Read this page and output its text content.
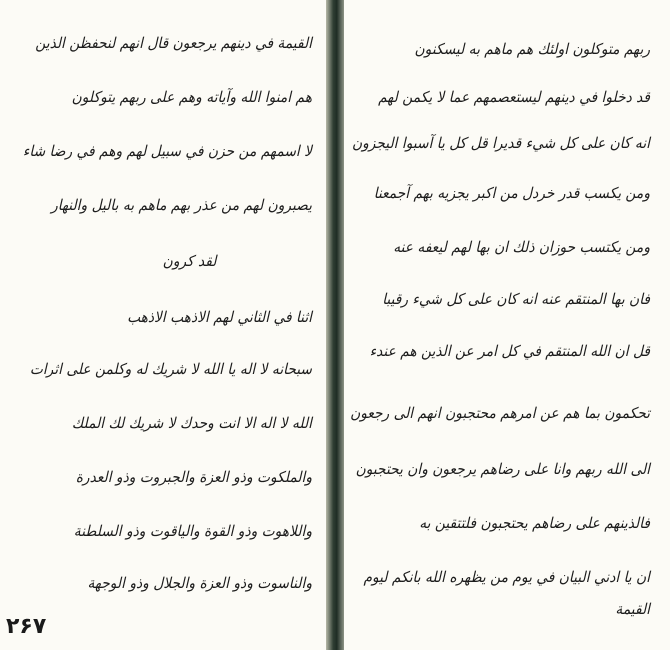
القيمة في دينهم يرجعون قال انهم لنحفظن الذين
هم امنوا الله وآياته وهم على ربهم يتوكلون
لا اسمهم من حزن في سبيل لهم وهم في رضا شاء
يصبرون لهم من عذر بهم ماهم به باليل والنهار
لقد كرون
اثنا في الثاني لهم الاذهب الاذهب
سبحانه لا اله يا الله لا شريك له وكلمن على اثرات
الله لا اله الا انت وحدك لا شريك لك الملك
والملكوت وذو العزة والجبروت وذو العدرة
واللاهوت وذو القوة والياقوت وذو السلطنة
والناسوت وذو العزة والجلال وذو الوجهة
۲۶۷
ربهم متوكلون اولئك هم ماهم به ليسكنون
قد دخلوا في دينهم ليستعصمهم عما لا يكمن لهم
انه كان على كل شيء قديرا قل كل يا آسبوا اليجزون
ومن يكسب قدر خردل من اكبر يجزيه بهم آجمعنا
ومن يكتسب حوزان ذلك ان بها لهم ليعفه عنه
فان بها المنتقم عنه انه كان على كل شيء رقيبا
قل ان الله المنتقم في كل امر عن الذين هم عندء
تحكمون بما هم عن امرهم محتجبون انهم الى رجعون
الى الله ربهم وانا على رضاهم يرجعون وان يحتجبون
فالذينهم على رضاهم يحتجبون فلتتقين به
ان يا ادني البيان في يوم من يظهره الله بانكم ليوم
القيمة
